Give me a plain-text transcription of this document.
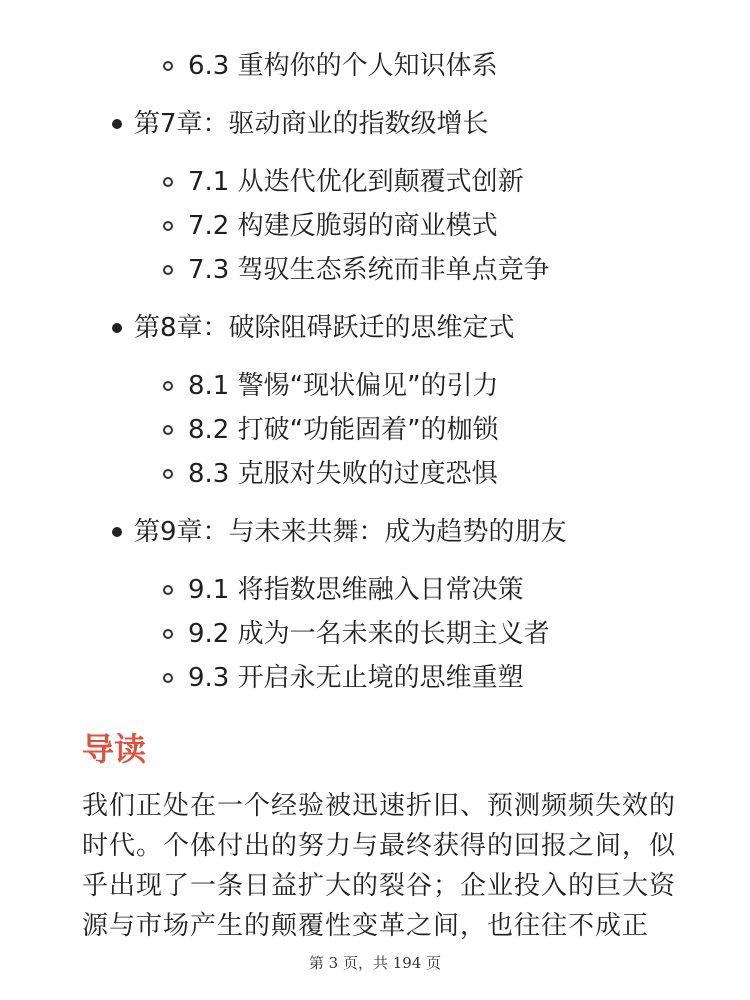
6.3 重构你的个人知识体系
第7章：驱动商业的指数级增长
7.1 从迭代优化到颠覆式创新
7.2 构建反脆弱的商业模式
7.3 驾驭生态系统而非单点竞争
第8章：破除阻碍跃迁的思维定式
8.1 警惕“现状偏见”的引力
8.2 打破“功能固着”的枷锁
8.3 克服对失败的过度恐惧
第9章：与未来共舞：成为趋势的朋友
9.1 将指数思维融入日常决策
9.2 成为一名未来的长期主义者
9.3 开启永无止境的思维重塑
导读
我们正处在一个经验被迅速折旧、预测频频失效的
时代。个体付出的努力与最终获得的回报之间，似
乎出现了一条日益扩大的裂谷；企业投入的巨大资
源与市场产生的颠覆性变革之间，也往往不成正
第 3 页，共 194 页
